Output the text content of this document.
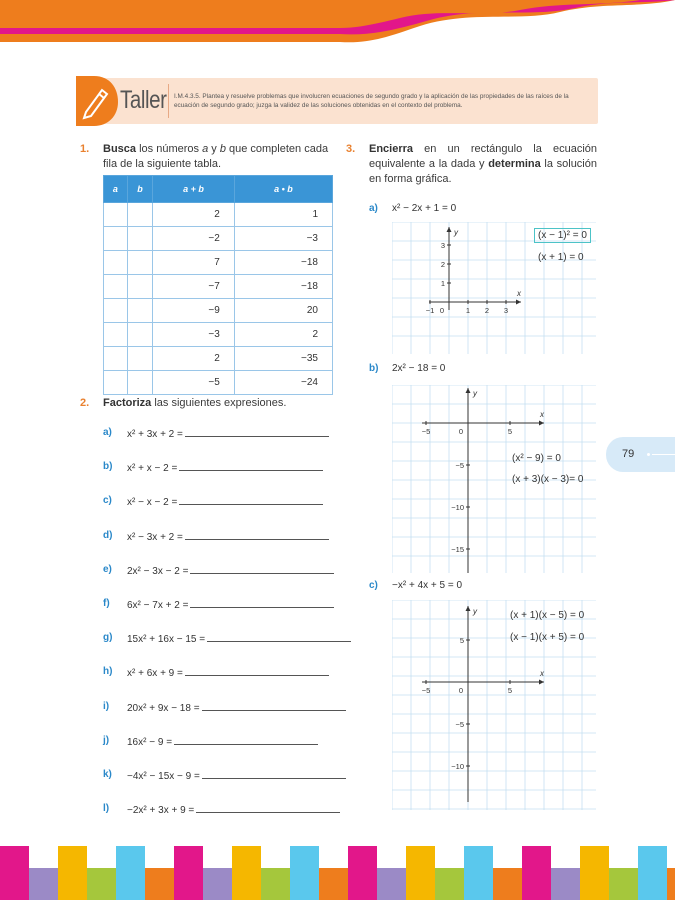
Taller I.M.4.3.5. Plantea y resuelve problemas que involucren ecuaciones de segundo grado y la aplicación de las propiedades de las raíces de la ecuación de segundo grado; juzga la validez de las soluciones obtenidas en el contexto del problema.
1. Busca los números a y b que completen cada fila de la siguiente tabla.
a	b	a + b	a • b
		2	1
		−2	−3
		7	−18
		−7	−18
		−9	20
		−3	2
		2	−35
		−5	−24
2. Factoriza las siguientes expresiones.
a) x² + 3x + 2 =
b) x² + x − 2 =
c) x² − x − 2 =
d) x² − 3x + 2 =
e) 2x² − 3x − 2 =
f) 6x² − 7x + 2 =
g) 15x² + 16x − 15 =
h) x² + 6x + 9 =
i) 20x² + 9x − 18 =
j) 16x² − 9 =
k) −4x² − 15x − 9 =
l) −2x² + 3x + 9 =
3. Encierra en un rectángulo la ecuación equivalente a la dada y determina la solución en forma gráfica.
a) x² − 2x + 1 = 0
x
y
−1 0	1 2 3
1
2
3
(x − 1)² = 0
(x + 1) = 0
b) 2x² − 18 = 0
x
y
−5	0	5
−5
−10
−15
(x² − 9) = 0
(x + 3)(x − 3)= 0
c) −x² + 4x + 5 = 0
x
y
−5	0	5
5
−5
−10
(x + 1)(x − 5) = 0
(x − 1)(x + 5) = 0
79
